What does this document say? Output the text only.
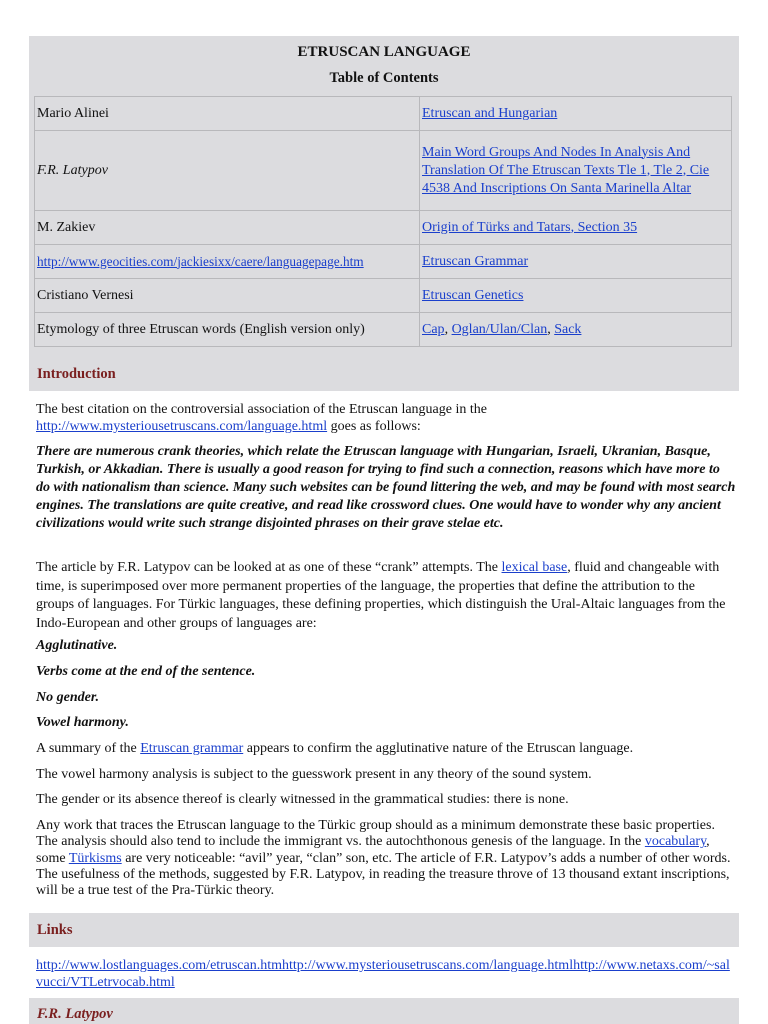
ETRUSCAN LANGUAGE
Table of Contents
Mario Alinei	Etruscan and Hungarian
F.R. Latypov	Main Word Groups And Nodes In Analysis And Translation Of The Etruscan Texts Tle 1, Tle 2, Cie 4538 And Inscriptions On Santa Marinella Altar
M. Zakiev	Origin of Türks and Tatars, Section 35
http://www.geocities.com/jackiesixx/caere/languagepage.htm	Etruscan Grammar
Cristiano Vernesi	Etruscan Genetics
Etymology of three Etruscan words (English version only)	Cap, Oglan/Ulan/Clan, Sack
Introduction

The best citation on the controversial association of the Etruscan language in the
http://www.mysteriousetruscans.com/language.html goes as follows:

There are numerous crank theories, which relate the Etruscan language with Hungarian, Israeli, Ukranian, Basque, Turkish, or Akkadian. There is usually a good reason for trying to find such a connection, reasons which have more to do with nationalism than science. Many such websites can be found littering the web, and may be found with most search engines. The translations are quite creative, and read like crossword clues. One would have to wonder why any ancient civilizations would write such strange disjointed phrases on their grave stelae etc.

The article by F.R. Latypov can be looked at as one of these “crank” attempts. The lexical base, fluid and changeable with time, is superimposed over more permanent properties of the language, the properties that define the attribution to the groups of languages. For Türkic languages, these defining properties, which distinguish the Ural-Altaic languages from the Indo-European and other groups of languages are:

Agglutinative.

Verbs come at the end of the sentence.

No gender.

Vowel harmony.

A summary of the Etruscan grammar appears to confirm the agglutinative nature of the Etruscan language.

The vowel harmony analysis is subject to the guesswork present in any theory of the sound system.

The gender or its absence thereof is clearly witnessed in the grammatical studies: there is none.

Any work that traces the Etruscan language to the Türkic group should as a minimum demonstrate these basic properties. The analysis should also tend to include the immigrant vs. the autochthonous genesis of the language. In the vocabulary, some Türkisms are very noticeable: “avil” year, “clan” son, etc. The article of F.R. Latypov’s adds a number of other words. The usefulness of the methods, suggested by F.R. Latypov, in reading the treasure throve of 13 thousand extant inscriptions, will be a true test of the Pra-Türkic theory.

Links

http://www.lostlanguages.com/etruscan.htmhttp://www.mysteriousetruscans.com/language.htmlhttp://www.netaxs.com/~salvucci/VTLetrvocab.html

F.R. Latypov
